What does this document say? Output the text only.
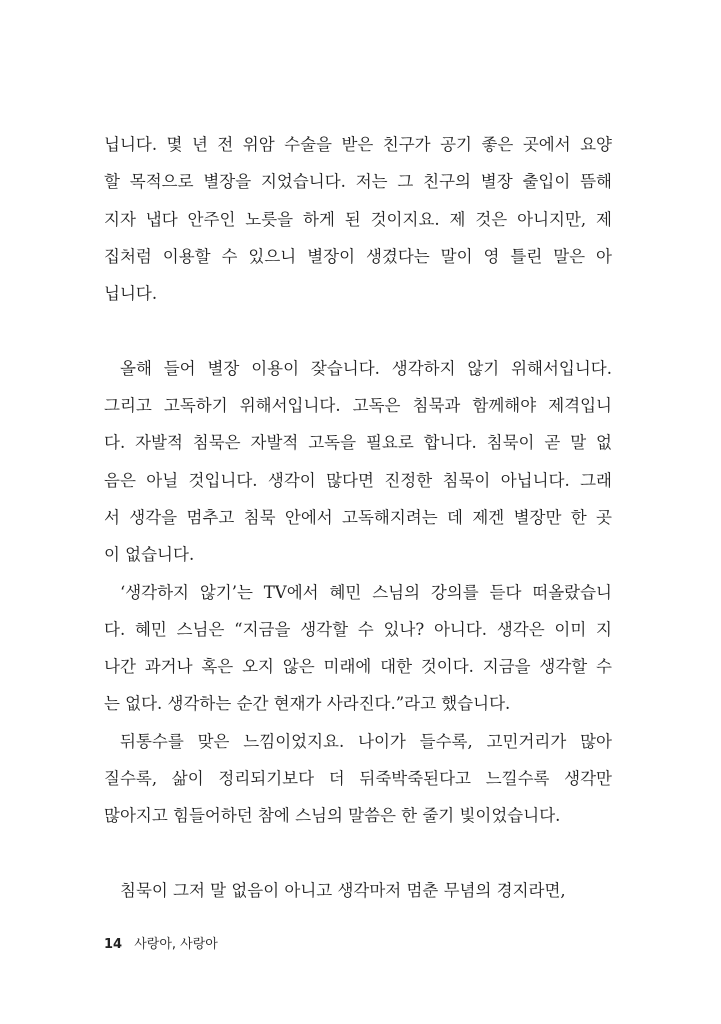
닙니다. 몇 년 전 위암 수술을 받은 친구가 공기 좋은 곳에서 요양
할 목적으로 별장을 지었습니다. 저는 그 친구의 별장 출입이 뜸해
지자 냅다 안주인 노릇을 하게 된 것이지요. 제 것은 아니지만, 제
집처럼 이용할 수 있으니 별장이 생겼다는 말이 영 틀린 말은 아
닙니다.
올해 들어 별장 이용이 잦습니다. 생각하지 않기 위해서입니다.
그리고 고독하기 위해서입니다. 고독은 침묵과 함께해야 제격입니
다. 자발적 침묵은 자발적 고독을 필요로 합니다. 침묵이 곧 말 없
음은 아닐 것입니다. 생각이 많다면 진정한 침묵이 아닙니다. 그래
서 생각을 멈추고 침묵 안에서 고독해지려는 데 제겐 별장만 한 곳
이 없습니다.
‘생각하지 않기’는 TV에서 혜민 스님의 강의를 듣다 떠올랐습니
다. 혜민 스님은 “지금을 생각할 수 있나? 아니다. 생각은 이미 지
나간 과거나 혹은 오지 않은 미래에 대한 것이다. 지금을 생각할 수
는 없다. 생각하는 순간 현재가 사라진다.”라고 했습니다.
뒤통수를 맞은 느낌이었지요. 나이가 들수록, 고민거리가 많아
질수록, 삶이 정리되기보다 더 뒤죽박죽된다고 느낄수록 생각만
많아지고 힘들어하던 참에 스님의 말씀은 한 줄기 빛이었습니다.
침묵이 그저 말 없음이 아니고 생각마저 멈춘 무념의 경지라면,
14 사랑아, 사랑아
